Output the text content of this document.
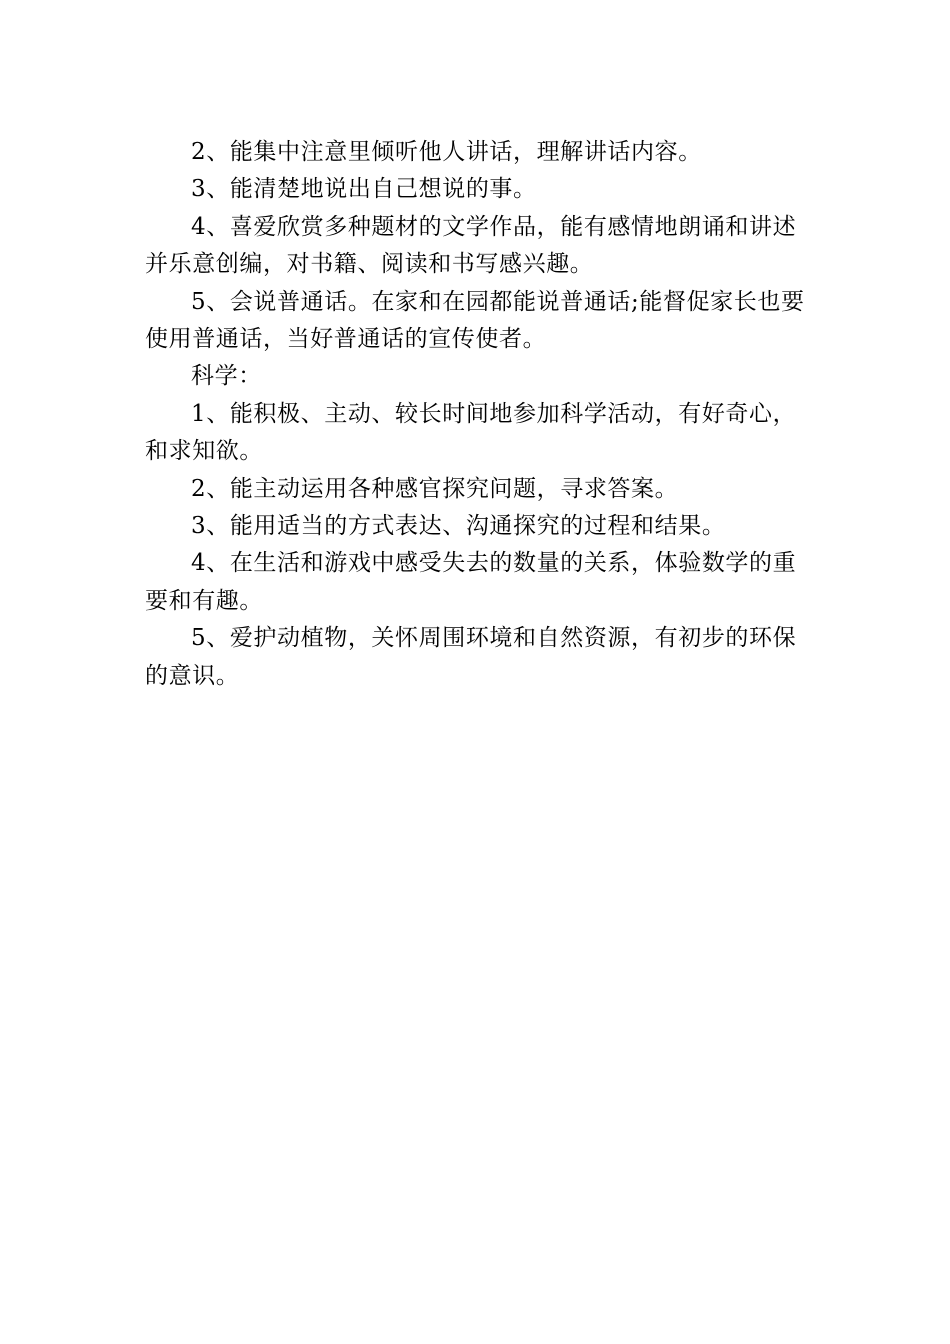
2、能集中注意里倾听他人讲话，理解讲话内容。

3、能清楚地说出自己想说的事。

4、喜爱欣赏多种题材的文学作品，能有感情地朗诵和讲述并乐意创编，对书籍、阅读和书写感兴趣。

5、会说普通话。在家和在园都能说普通话;能督促家长也要使用普通话，当好普通话的宣传使者。

科学：

1、能积极、主动、较长时间地参加科学活动，有好奇心，和求知欲。

2、能主动运用各种感官探究问题，寻求答案。

3、能用适当的方式表达、沟通探究的过程和结果。

4、在生活和游戏中感受失去的数量的关系，体验数学的重要和有趣。

5、爱护动植物，关怀周围环境和自然资源，有初步的环保的意识。
